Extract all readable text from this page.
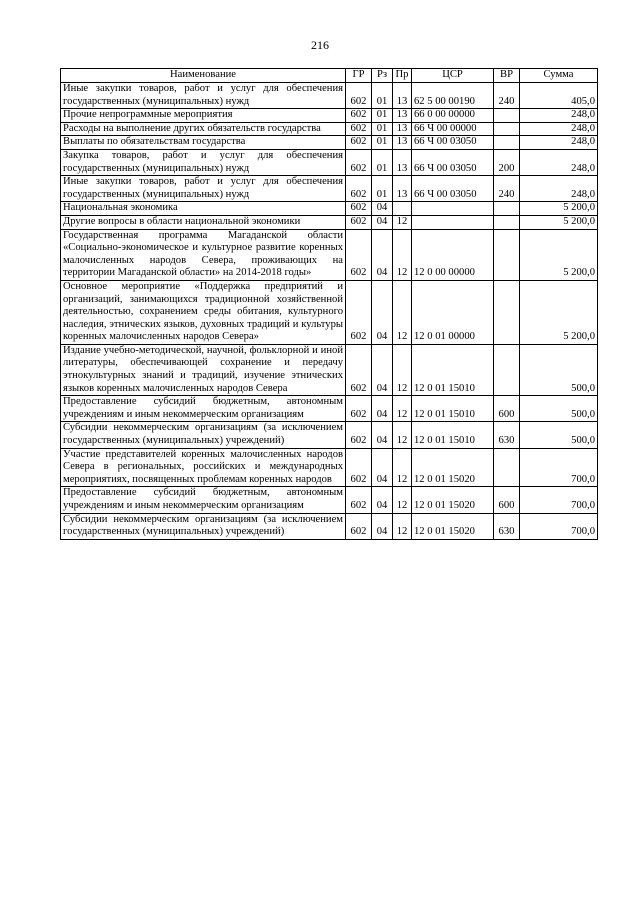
216
Наименование	ГР	Рз	Пр	ЦСР	ВР	Сумма
Иные закупки товаров, работ и услуг для обеспечения государственных (муниципальных) нужд	602	01	13	62 5 00 00190	240	405,0
Прочие непрограммные мероприятия	602	01	13	66 0 00 00000		248,0
Расходы на выполнение других обязательств государства	602	01	13	66 Ч 00 00000		248,0
Выплаты по обязательствам государства	602	01	13	66 Ч 00 03050		248,0
Закупка товаров, работ и услуг для обеспечения государственных (муниципальных) нужд	602	01	13	66 Ч 00 03050	200	248,0
Иные закупки товаров, работ и услуг для обеспечения государственных (муниципальных) нужд	602	01	13	66 Ч 00 03050	240	248,0
Национальная экономика	602	04				5 200,0
Другие вопросы в области национальной экономики	602	04	12			5 200,0
Государственная программа Магаданской области «Социально-экономическое и культурное развитие коренных малочисленных народов Севера, проживающих на территории Магаданской области» на 2014-2018 годы»	602	04	12	12 0 00 00000		5 200,0
Основное мероприятие «Поддержка предприятий и организаций, занимающихся традиционной хозяйственной деятельностью, сохранением среды обитания, культурного наследия, этнических языков, духовных традиций и культуры коренных малочисленных народов Севера»	602	04	12	12 0 01 00000		5 200,0
Издание учебно-методической, научной, фольклорной и иной литературы, обеспечивающей сохранение и передачу этнокультурных знаний и традиций, изучение этнических языков коренных малочисленных народов Севера	602	04	12	12 0 01 15010		500,0
Предоставление субсидий бюджетным, автономным учреждениям и иным некоммерческим организациям	602	04	12	12 0 01 15010	600	500,0
Субсидии некоммерческим организациям (за исключением государственных (муниципальных) учреждений)	602	04	12	12 0 01 15010	630	500,0
Участие представителей коренных малочисленных народов Севера в региональных, российских и международных мероприятиях, посвященных проблемам коренных народов	602	04	12	12 0 01 15020		700,0
Предоставление субсидий бюджетным, автономным учреждениям и иным некоммерческим организациям	602	04	12	12 0 01 15020	600	700,0
Субсидии некоммерческим организациям (за исключением государственных (муниципальных) учреждений)	602	04	12	12 0 01 15020	630	700,0
